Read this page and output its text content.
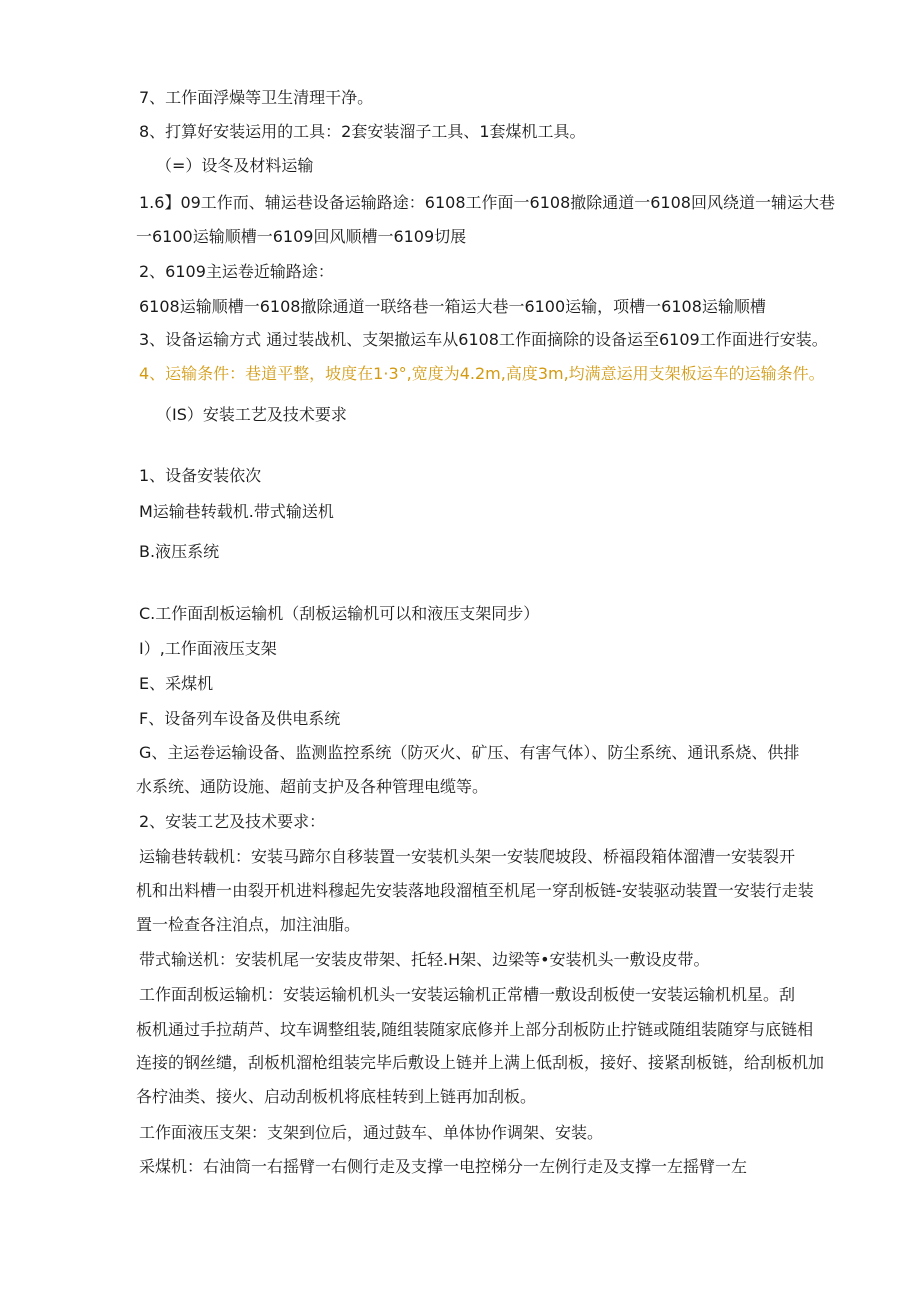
7、工作面浮燥等卫生清理干净。
8、打算好安装运用的工具：2套安装溜子工具、1套煤机工具。
（=）设冬及材料运输
1.6】09工作而、辅运巷设备运输路途：6108工作面一6108撤除通道一6108回风绕道一辅运大巷
一6100运输顺槽一6109回风顺槽一6109切展
2、6109主运卷近输路途：
6108运输顺槽一6108撤除通道一联络巷一箱运大巷一6100运输，项槽一6108运输顺槽
3、设备运输方式 通过装战机、支架撤运车从6108工作面摘除的设备运至6109工作面进行安装。
4、运输条件：巷道平整，坡度在1·3°,宽度为4.2m,高度3m,均满意运用支架板运车的运输条件。
（IS）安装工艺及技术要求
1、设备安装依次
M运输巷转载机.带式输送机
B.液压系统
C.工作面刮板运输机（刮板运输机可以和液压支架同步）
I）,工作面液压支架
E、采煤机
F、设备列车设备及供电系统
G、主运卷运输设备、监测监控系统（防灭火、矿压、有害气体）、防尘系统、通讯系烧、供排
水系统、通防设施、超前支护及各种管理电缆等。
2、安装工艺及技术要求：
运输巷转载机：安装马蹄尔自移装置一安装机头架一安装爬坡段、桥福段箱体溜漕一安装裂开
机和出料槽一由裂开机进料穆起先安装落地段溜植至机尾一穿刮板链-安装驱动装置一安装行走装
置一检查各注洎点，加注油脂。
带式输送机：安装机尾一安装皮带架、托轻.H架、边梁等•安装机头一敷设皮带。
工作面刮板运输机：安装运输机机头一安装运输机正常槽一敷设刮板使一安装运输机机星。刮
板机通过手拉葫芦、坟车调整组装,随组装随家底修并上部分刮板防止拧链或随组装随穿与底链相
连接的钢丝缱，刮板机溜枪组装完毕后敷设上链并上满上低刮板，接好、接紧刮板链，给刮板机加
各柠油类、接火、启动刮板机将底桂转到上链再加刮板。
工作面液压支架：支架到位后，通过鼓车、单体协作调架、安装。
采煤机：右油筒一右摇臂一右侧行走及支撑一电控梯分一左例行走及支撑一左摇臂一左
